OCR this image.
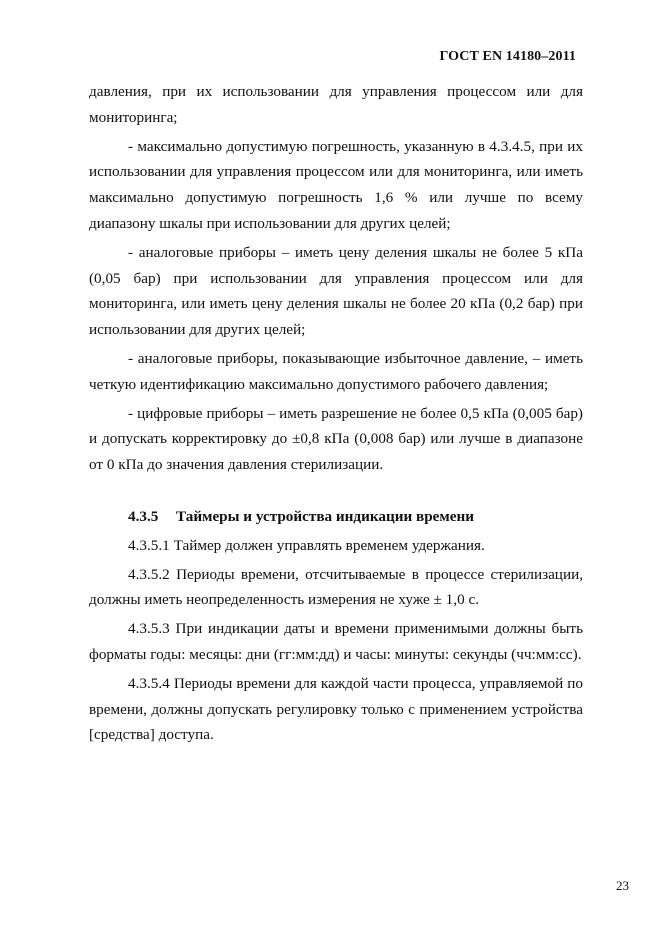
ГОСТ EN 14180–2011

давления, при их использовании для управления процессом или для мониторинга;

- максимально допустимую погрешность, указанную в 4.3.4.5, при их использовании для управления процессом или для мониторинга, или иметь максимально допустимую погрешность 1,6 % или лучше по всему диапазону шкалы при использовании для других целей;

- аналоговые приборы – иметь цену деления шкалы не более 5 кПа (0,05 бар) при использовании для управления процессом или для мониторинга, или иметь цену деления шкалы не более 20 кПа (0,2 бар) при использовании для других целей;

- аналоговые приборы, показывающие избыточное давление, – иметь четкую идентификацию максимально допустимого рабочего давления;

- цифровые приборы – иметь разрешение не более 0,5 кПа (0,005 бар) и допускать корректировку до ±0,8 кПа (0,008 бар) или лучше в диапазоне от 0 кПа до значения давления стерилизации.

4.3.5 Таймеры и устройства индикации времени

4.3.5.1 Таймер должен управлять временем удержания.

4.3.5.2 Периоды времени, отсчитываемые в процессе стерилизации, должны иметь неопределенность измерения не хуже ± 1,0 с.

4.3.5.3 При индикации даты и времени применимыми должны быть форматы годы: месяцы: дни (гг:мм:дд) и часы: минуты: секунды (чч:мм:сс).

4.3.5.4 Периоды времени для каждой части процесса, управляемой по времени, должны допускать регулировку только с применением устройства [средства] доступа.

23
